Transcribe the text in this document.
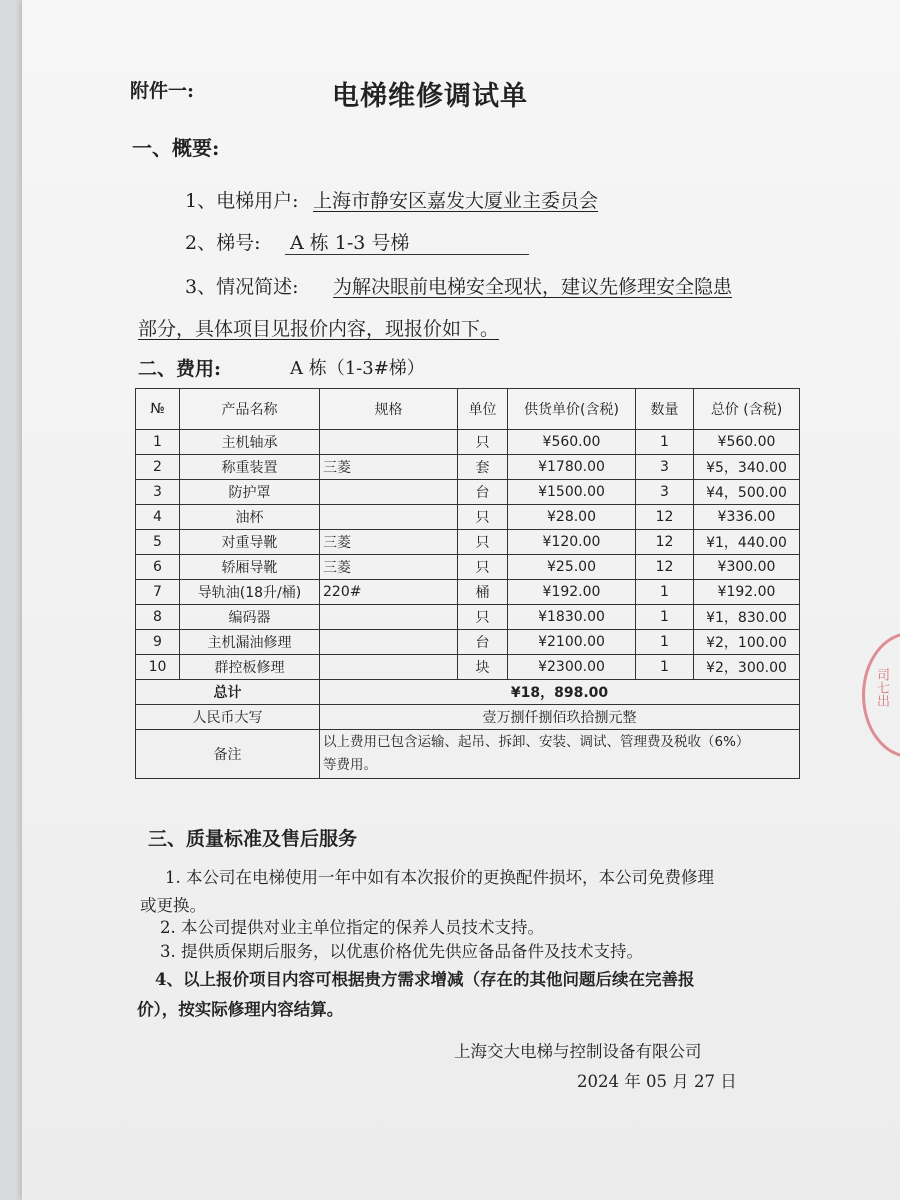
附件一:	电梯维修调试单
一、概要:
1、电梯用户: 上海市静安区嘉发大厦业主委员会
2、梯号: A 栋 1-3 号梯
3、情况简述: 为解决眼前电梯安全现状，建议先修理安全隐患
部分，具体项目见报价内容，现报价如下。
二、费用:	A 栋（1-3#梯）
№	产品名称	规格	单位	供货单价(含税)	数量	总价 (含税)
1	主机轴承		只	¥560.00	1	¥560.00
2	称重装置	三菱	套	¥1780.00	3	¥5，340.00
3	防护罩		台	¥1500.00	3	¥4，500.00
4	油杯		只	¥28.00	12	¥336.00
5	对重导靴	三菱	只	¥120.00	12	¥1，440.00
6	轿厢导靴	三菱	只	¥25.00	12	¥300.00
7	导轨油(18升/桶)	220#	桶	¥192.00	1	¥192.00
8	编码器		只	¥1830.00	1	¥1，830.00
9	主机漏油修理		台	¥2100.00	1	¥2，100.00
10	群控板修理		块	¥2300.00	1	¥2，300.00
总计		¥18，898.00				
人民币大写		壹万捌仟捌佰玖拾捌元整				
备注		以上费用已包含运输、起吊、拆卸、安装、调试、管理费及税收（6%）
等费用。				
三、质量标准及售后服务
1. 本公司在电梯使用一年中如有本次报价的更换配件损坏，本公司免费修理
或更换。
2. 本公司提供对业主单位指定的保养人员技术支持。
3. 提供质保期后服务，以优惠价格优先供应备品备件及技术支持。
4、以上报价项目内容可根据贵方需求增减（存在的其他问题后续在完善报
价），按实际修理内容结算。
上海交大电梯与控制设备有限公司
2024 年 05 月 27 日
司七出
